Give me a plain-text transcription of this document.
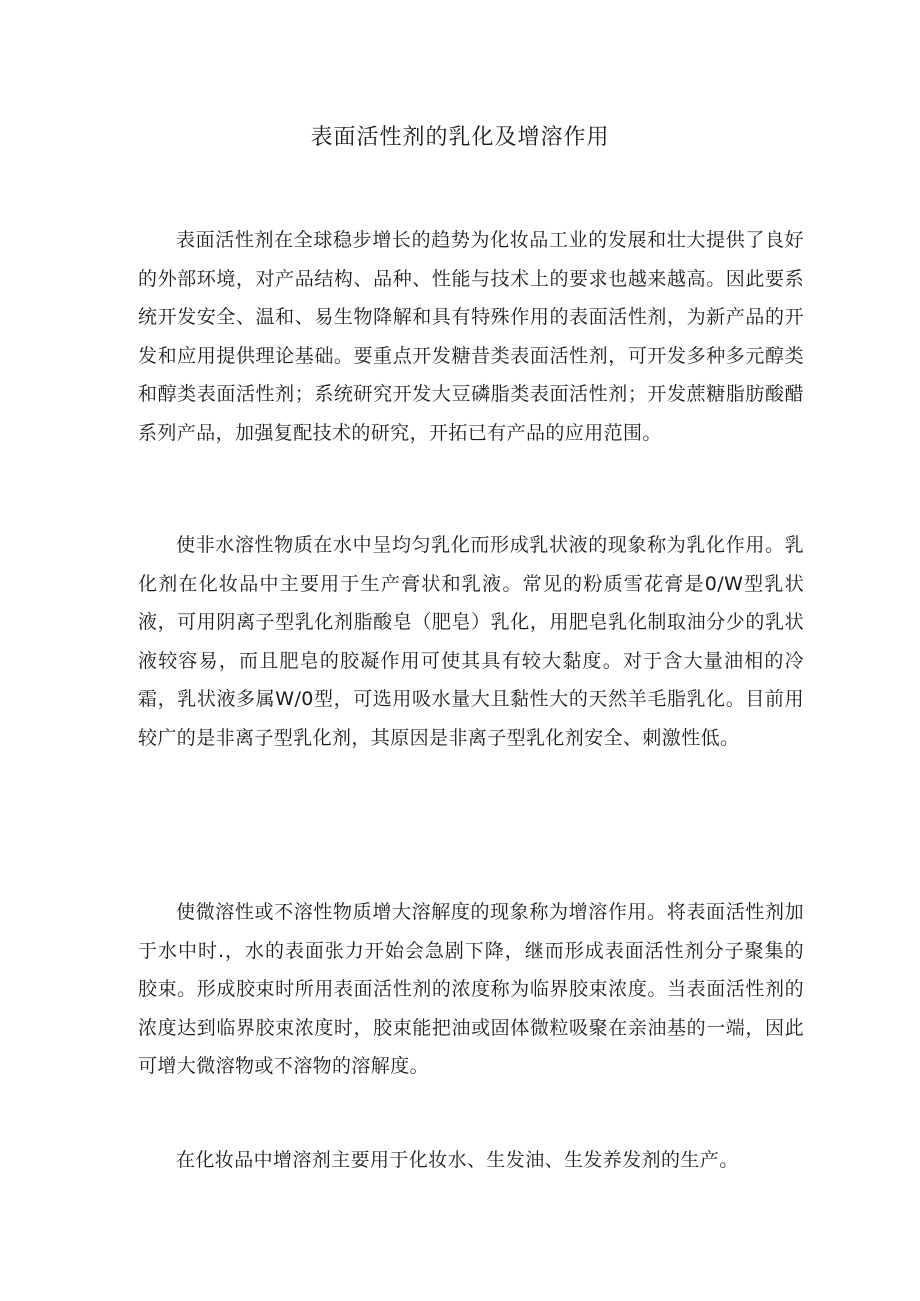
表面活性剂的乳化及增溶作用

表面活性剂在全球稳步增长的趋势为化妆品工业的发展和壮大提供了良好的外部环境，对产品结构、品种、性能与技术上的要求也越来越高。因此要系统开发安全、温和、易生物降解和具有特殊作用的表面活性剂，为新产品的开发和应用提供理论基础。要重点开发糖昔类表面活性剂，可开发多种多元醇类和醇类表面活性剂；系统研究开发大豆磷脂类表面活性剂；开发蔗糖脂肪酸醋系列产品，加强复配技术的研究，开拓已有产品的应用范围。

使非水溶性物质在水中呈均匀乳化而形成乳状液的现象称为乳化作用。乳化剂在化妆品中主要用于生产膏状和乳液。常见的粉质雪花膏是0/W型乳状液，可用阴离子型乳化剂脂酸皂（肥皂）乳化，用肥皂乳化制取油分少的乳状液较容易，而且肥皂的胶凝作用可使其具有较大黏度。对于含大量油相的冷霜，乳状液多属W/0型，可选用吸水量大且黏性大的天然羊毛脂乳化。目前用较广的是非离子型乳化剂，其原因是非离子型乳化剂安全、刺激性低。

使微溶性或不溶性物质增大溶解度的现象称为增溶作用。将表面活性剂加于水中时.，水的表面张力开始会急剧下降，继而形成表面活性剂分子聚集的胶束。形成胶束时所用表面活性剂的浓度称为临界胶束浓度。当表面活性剂的浓度达到临界胶束浓度时，胶束能把油或固体微粒吸聚在亲油基的一端，因此可增大微溶物或不溶物的溶解度。

在化妆品中增溶剂主要用于化妆水、生发油、生发养发剂的生产。
